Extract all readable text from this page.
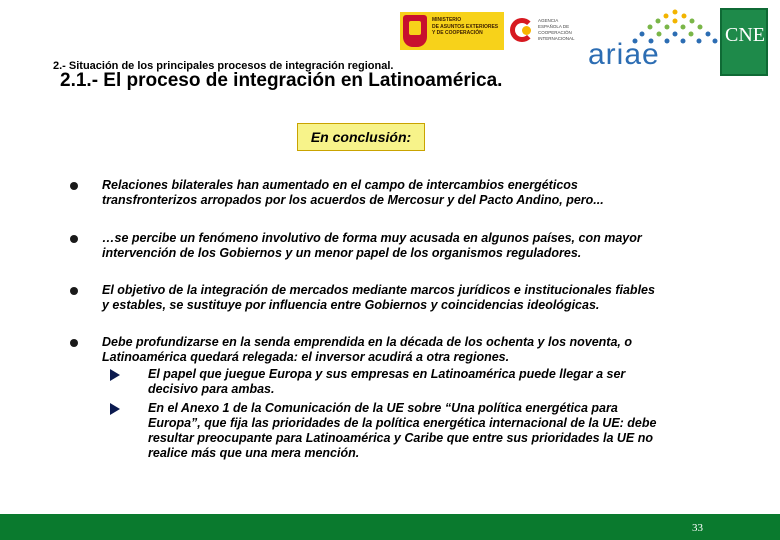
MINISTERIO
DE ASUNTOS EXTERIORES
Y DE COOPERACIÓN
AGENCIA
ESPAÑOLA DE
COOPERACIÓN
INTERNACIONAL ariae
CNE
2.- Situación de los principales procesos de integración regional.
2.1.- El proceso de integración en Latinoamérica.
En conclusión:
Relaciones bilaterales han aumentado en el campo de intercambios energéticos
transfronterizos arropados por los acuerdos de Mercosur y del Pacto Andino, pero...
…se percibe un fenómeno involutivo de forma muy acusada en algunos países, con mayor
intervención de los Gobiernos y un menor papel de los organismos reguladores.
El objetivo de la integración de mercados mediante marcos jurídicos e institucionales fiables
y estables, se sustituye por influencia entre Gobiernos y coincidencias ideológicas.
Debe profundizarse en la senda emprendida en la década de los ochenta y los noventa, o
Latinoamérica quedará relegada: el inversor acudirá a otra regiones.
El papel que juegue Europa y sus empresas en Latinoamérica puede llegar a ser
decisivo para ambas.
En el Anexo 1 de la Comunicación de la UE sobre “Una política energética para
Europa”, que fija las prioridades de la política energética internacional de la UE: debe
resultar preocupante para Latinoamérica y Caribe que entre sus prioridades la UE no
realice más que una mera mención.
33
